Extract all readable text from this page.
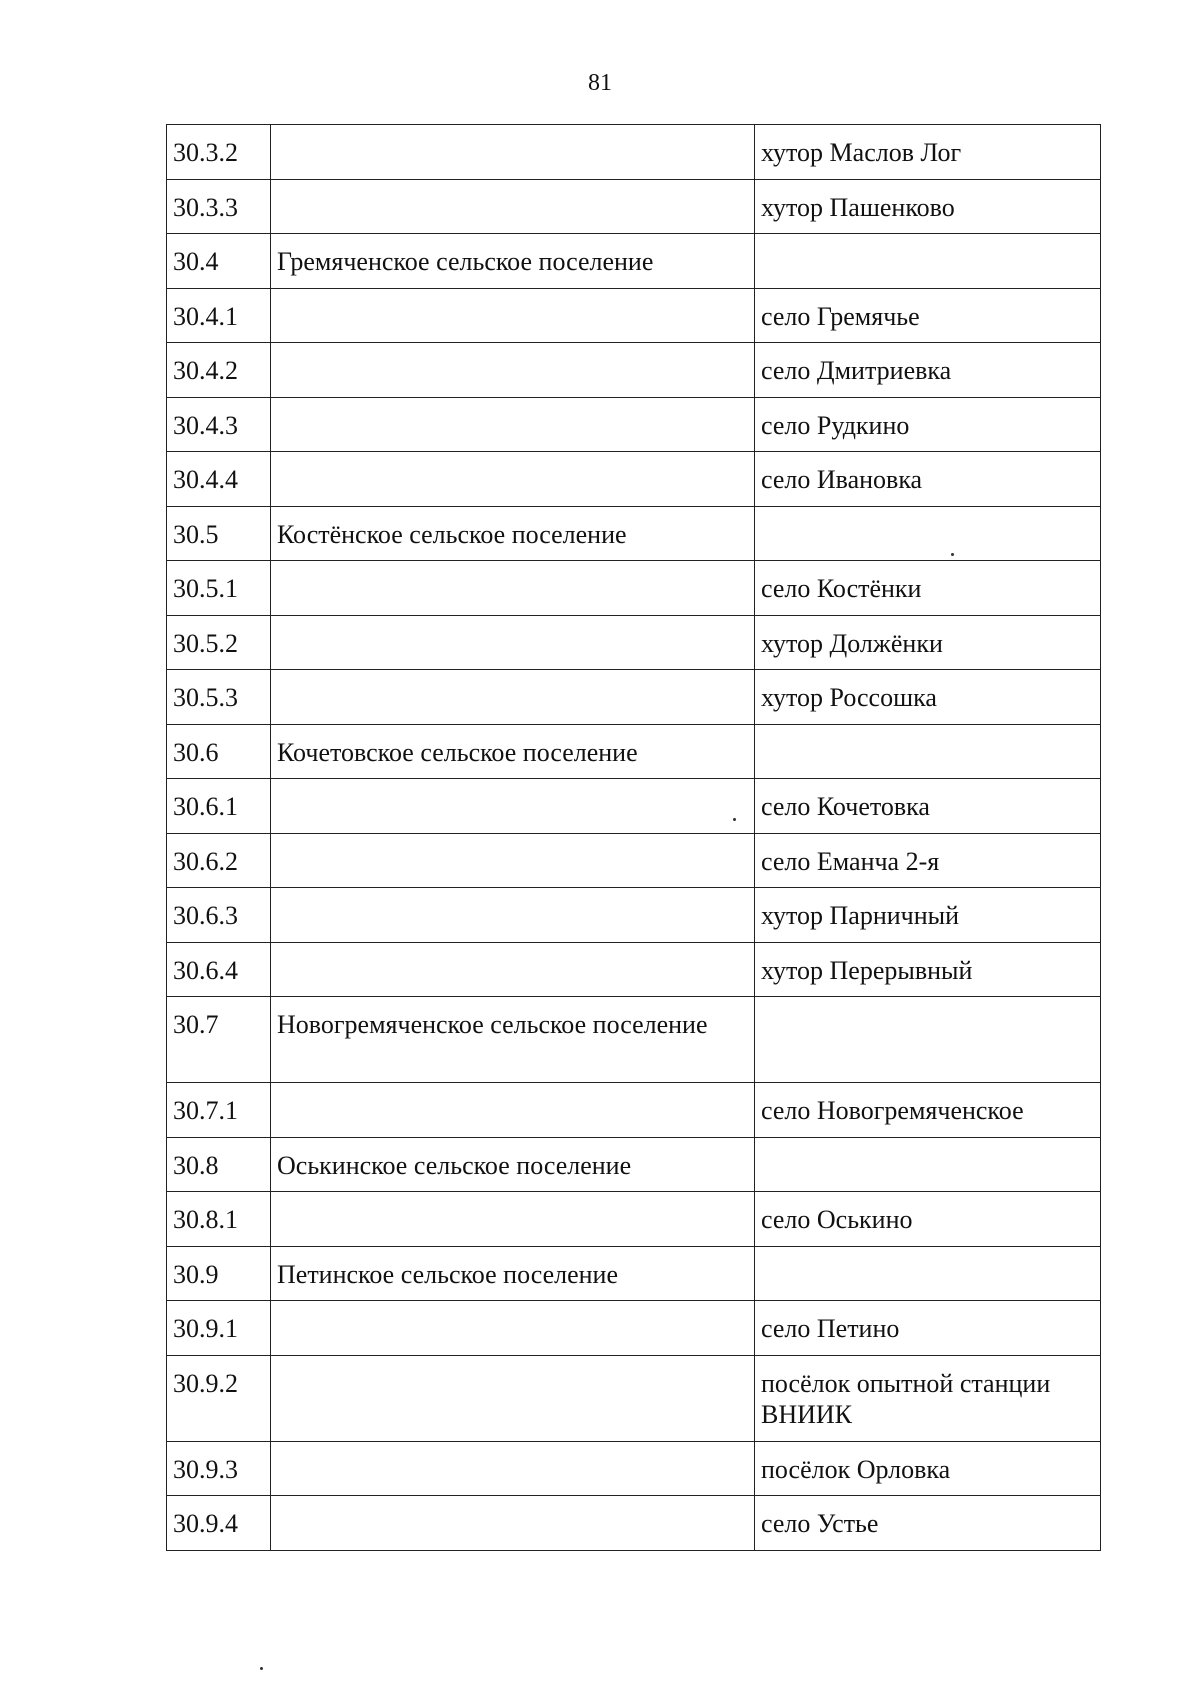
81
30.3.2		хутор Маслов Лог
30.3.3		хутор Пашенково
30.4	Гремяченское сельское поселение	
30.4.1		село Гремячье
30.4.2		село Дмитриевка
30.4.3		село Рудкино
30.4.4		село Ивановка
30.5	Костёнское сельское поселение	
30.5.1		село Костёнки
30.5.2		хутор Должёнки
30.5.3		хутор Россошка
30.6	Кочетовское сельское поселение	
30.6.1		село Кочетовка
30.6.2		село Еманча 2-я
30.6.3		хутор Парничный
30.6.4		хутор Перерывный
30.7	Новогремяченское сельское поселение	
30.7.1		село Новогремяченское
30.8	Оськинское сельское поселение	
30.8.1		село Оськино
30.9	Петинское сельское поселение	
30.9.1		село Петино
30.9.2		посёлок опытной станции ВНИИК
30.9.3		посёлок Орловка
30.9.4		село Устье
